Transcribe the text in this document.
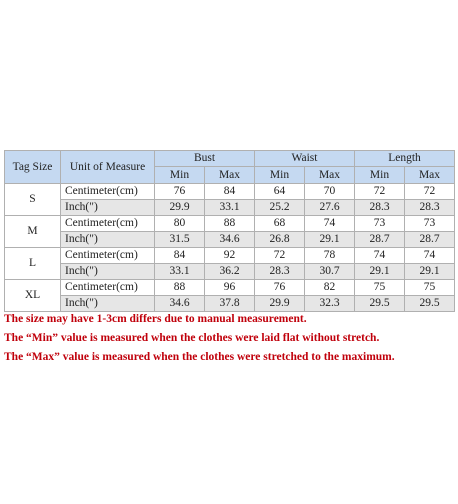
Tag Size	Unit of Measure	Bust		Waist		Length	
		Min	Max	Min	Max	Min	Max
S	Centimeter(cm)	76	84	64	70	72	72
	Inch(")	29.9	33.1	25.2	27.6	28.3	28.3
M	Centimeter(cm)	80	88	68	74	73	73
	Inch(")	31.5	34.6	26.8	29.1	28.7	28.7
L	Centimeter(cm)	84	92	72	78	74	74
	Inch(")	33.1	36.2	28.3	30.7	29.1	29.1
XL	Centimeter(cm)	88	96	76	82	75	75
	Inch(")	34.6	37.8	29.9	32.3	29.5	29.5
The size may have 1-3cm differs due to manual measurement.
The “Min” value is measured when the clothes were laid flat without stretch.
The “Max” value is measured when the clothes were stretched to the maximum.
